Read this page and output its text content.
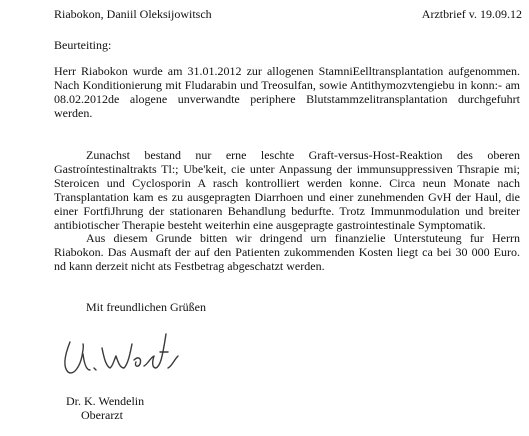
Riabokon, Daniil Oleksijowitsch	Arztbrief v. 19.09.12
Beurteiting:

Herr Riabokon wurde am 31.01.2012 zur allogenen StamniEelltransplantation aufgenommen. Nach Konditionierung mit Fludarabin und Treosulfan, sowie Antithymozvtengiebu in konn:- am 08.02.2012de alogene unverwandte periphere Blutstammzelitransplantation durchgefuhrt werden.

Zunachst bestand nur erne leschte Graft-versus-Host-Reaktion des oberen Gastroíntestinaltrakts Tl:; Ube'keit, cie unter Anpassung der immunsuppressiven Thsrapie mi; Steroicen und Cyclosporin A rasch kontrolliert werden konne. Circa neun Monate nach Transplantation kam es zu ausgepragten Diarrhoen und einer zunehmenden GvH der Haul, die einer FortfiJhrung der stationaren Behandlung bedurfte. Trotz Immunmodulation und breiter antibiotischer Therapie besteht weiterhin eine ausgepragte gastrointestinale Symptomatik.

Aus diesem Grunde bitten wir dringend urn finanzielie Unterstuteung fur Herrn Riabokon. Das Ausmaft der auf den Patienten zukommenden Kosten liegt ca bei 30 000 Euro. nd kann derzeit nicht ats Festbetrag abgeschatzt werden.

Mit freundlichen Grüßen
Dr. K. Wendelin
Oberarzt
